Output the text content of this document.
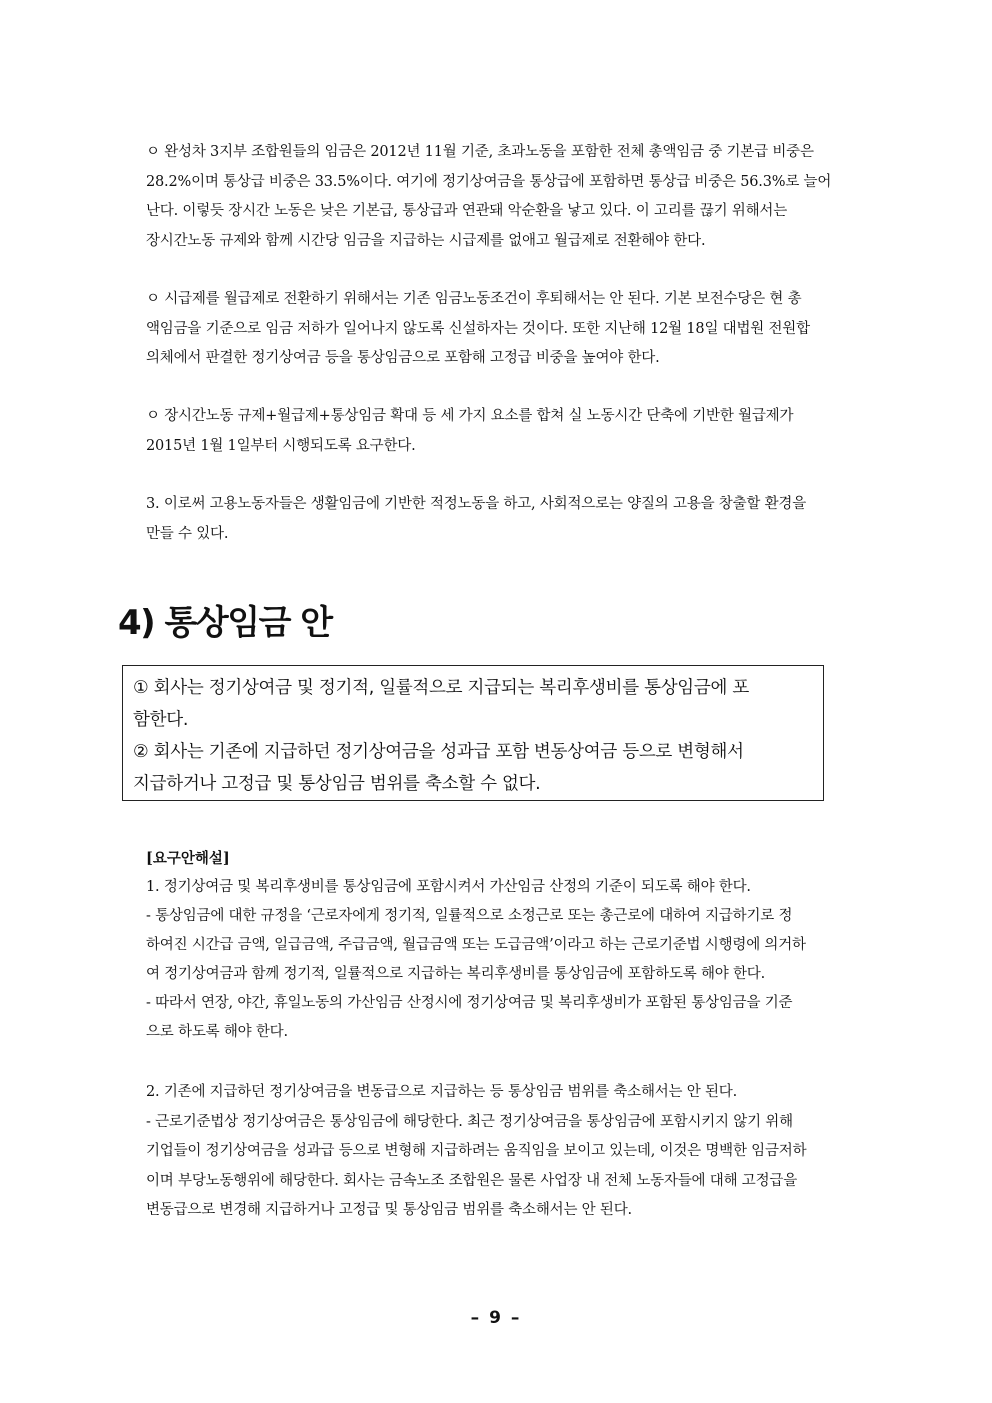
ㅇ 완성차 3지부 조합원들의 임금은 2012년 11월 기준, 초과노동을 포함한 전체 총액임금 중 기본급 비중은
28.2%이며 통상급 비중은 33.5%이다. 여기에 정기상여금을 통상급에 포함하면 통상급 비중은 56.3%로 늘어
난다. 이렇듯 장시간 노동은 낮은 기본급, 통상급과 연관돼 악순환을 낳고 있다. 이 고리를 끊기 위해서는
장시간노동 규제와 함께 시간당 임금을 지급하는 시급제를 없애고 월급제로 전환해야 한다.
ㅇ 시급제를 월급제로 전환하기 위해서는 기존 임금노동조건이 후퇴해서는 안 된다. 기본 보전수당은 현 총
액임금을 기준으로 임금 저하가 일어나지 않도록 신설하자는 것이다. 또한 지난해 12월 18일 대법원 전원합
의체에서 판결한 정기상여금 등을 통상임금으로 포함해 고정급 비중을 높여야 한다.
ㅇ 장시간노동 규제+월급제+통상임금 확대 등 세 가지 요소를 합쳐 실 노동시간 단축에 기반한 월급제가
2015년 1월 1일부터 시행되도록 요구한다.
3. 이로써 고용노동자들은 생활임금에 기반한 적정노동을 하고, 사회적으로는 양질의 고용을 창출할 환경을
만들 수 있다.
4) 통상임금 안
① 회사는 정기상여금 및 정기적, 일률적으로 지급되는 복리후생비를 통상임금에 포
함한다.
② 회사는 기존에 지급하던 정기상여금을 성과급 포함 변동상여금 등으로 변형해서
지급하거나 고정급 및 통상임금 범위를 축소할 수 없다.

[요구안해설]

1. 정기상여금 및 복리후생비를 통상임금에 포함시켜서 가산임금 산정의 기준이 되도록 해야 한다.
- 통상임금에 대한 규정을 ‘근로자에게 정기적, 일률적으로 소정근로 또는 총근로에 대하여 지급하기로 정
하여진 시간급 금액, 일급금액, 주급금액, 월급금액 또는 도급금액’이라고 하는 근로기준법 시행령에 의거하
여 정기상여금과 함께 정기적, 일률적으로 지급하는 복리후생비를 통상임금에 포함하도록 해야 한다.
- 따라서 연장, 야간, 휴일노동의 가산임금 산정시에 정기상여금 및 복리후생비가 포함된 통상임금을 기준
으로 하도록 해야 한다.
2. 기존에 지급하던 정기상여금을 변동급으로 지급하는 등 통상임금 범위를 축소해서는 안 된다.
- 근로기준법상 정기상여금은 통상임금에 해당한다. 최근 정기상여금을 통상임금에 포함시키지 않기 위해
기업들이 정기상여금을 성과급 등으로 변형해 지급하려는 움직임을 보이고 있는데, 이것은 명백한 임금저하
이며 부당노동행위에 해당한다. 회사는 금속노조 조합원은 물론 사업장 내 전체 노동자들에 대해 고정급을
변동급으로 변경해 지급하거나 고정급 및 통상임금 범위를 축소해서는 안 된다.
– 9 –
